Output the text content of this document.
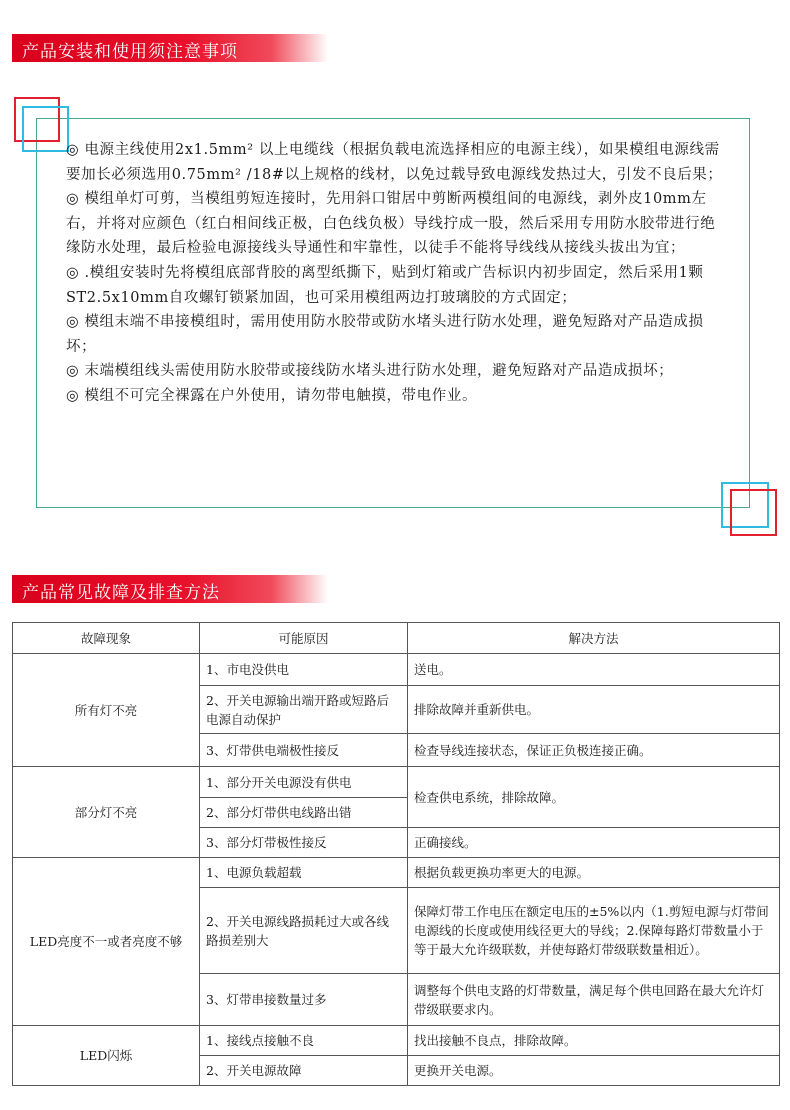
产品安装和使用须注意事项

◎ 电源主线使用2x1.5mm² 以上电缆线（根据负载电流选择相应的电源主线），如果模组电源线需要加长必须选用0.75mm² /18#以上规格的线材，以免过载导致电源线发热过大，引发不良后果；

◎ 模组单灯可剪，当模组剪短连接时，先用斜口钳居中剪断两模组间的电源线，剥外皮10mm左右，并将对应颜色（红白相间线正极，白色线负极）导线拧成一股，然后采用专用防水胶带进行绝缘防水处理，最后检验电源接线头导通性和牢靠性，以徒手不能将导线线从接线头拔出为宜；

◎ .模组安装时先将模组底部背胶的离型纸撕下，贴到灯箱或广告标识内初步固定，然后采用1颗ST2.5x10mm自攻螺钉锁紧加固，也可采用模组两边打玻璃胶的方式固定；

◎ 模组末端不串接模组时，需用使用防水胶带或防水堵头进行防水处理，避免短路对产品造成损坏；

◎ 末端模组线头需使用防水胶带或接线防水堵头进行防水处理，避免短路对产品造成损坏；

◎ 模组不可完全裸露在户外使用，请勿带电触摸，带电作业。

产品常见故障及排查方法
故障现象	可能原因	解决方法
所有灯不亮	1、市电没供电	送电。
	2、开关电源输出端开路或短路后电源自动保护	排除故障并重新供电。
	3、灯带供电端极性接反	检查导线连接状态，保证正负极连接正确。
部分灯不亮	1、部分开关电源没有供电	检查供电系统，排除故障。
	2、部分灯带供电线路出错	
	3、部分灯带极性接反	正确接线。
LED亮度不一或者亮度不够	1、电源负载超载	根据负载更换功率更大的电源。
	2、开关电源线路损耗过大或各线路损差别大	保障灯带工作电压在额定电压的±5%以内（1.剪短电源与灯带间电源线的长度或使用线径更大的导线；2.保障每路灯带数量小于等于最大允许级联数，并使每路灯带级联数量相近）。
	3、灯带串接数量过多	调整每个供电支路的灯带数量，满足每个供电回路在最大允许灯带级联要求内。
LED闪烁	1、接线点接触不良	找出接触不良点，排除故障。
	2、开关电源故障	更换开关电源。
